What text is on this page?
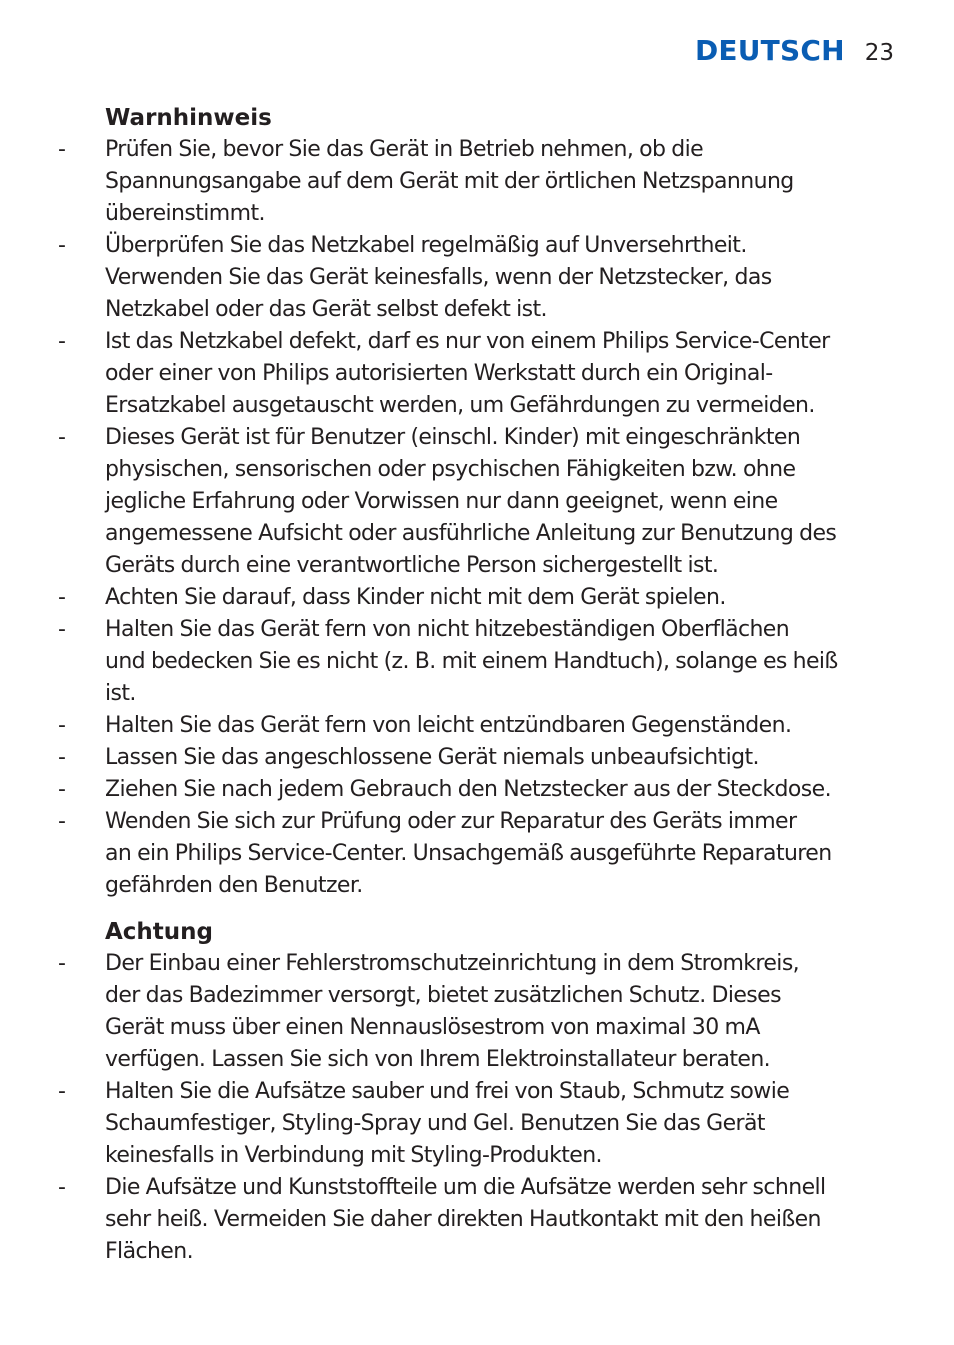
DEUTSCH 23
Warnhinweis
- Prüfen Sie, bevor Sie das Gerät in Betrieb nehmen, ob die
Spannungsangabe auf dem Gerät mit der örtlichen Netzspannung
übereinstimmt.
- Überprüfen Sie das Netzkabel regelmäßig auf Unversehrtheit.
Verwenden Sie das Gerät keinesfalls, wenn der Netzstecker, das
Netzkabel oder das Gerät selbst defekt ist.
- Ist das Netzkabel defekt, darf es nur von einem Philips Service-Center
oder einer von Philips autorisierten Werkstatt durch ein Original-
Ersatzkabel ausgetauscht werden, um Gefährdungen zu vermeiden.
- Dieses Gerät ist für Benutzer (einschl. Kinder) mit eingeschränkten
physischen, sensorischen oder psychischen Fähigkeiten bzw. ohne
jegliche Erfahrung oder Vorwissen nur dann geeignet, wenn eine
angemessene Aufsicht oder ausführliche Anleitung zur Benutzung des
Geräts durch eine verantwortliche Person sichergestellt ist.
- Achten Sie darauf, dass Kinder nicht mit dem Gerät spielen.
- Halten Sie das Gerät fern von nicht hitzebeständigen Oberflächen
und bedecken Sie es nicht (z. B. mit einem Handtuch), solange es heiß
ist.
- Halten Sie das Gerät fern von leicht entzündbaren Gegenständen.
- Lassen Sie das angeschlossene Gerät niemals unbeaufsichtigt.
- Ziehen Sie nach jedem Gebrauch den Netzstecker aus der Steckdose.
- Wenden Sie sich zur Prüfung oder zur Reparatur des Geräts immer
an ein Philips Service-Center. Unsachgemäß ausgeführte Reparaturen
gefährden den Benutzer.
Achtung
- Der Einbau einer Fehlerstromschutzeinrichtung in dem Stromkreis,
der das Badezimmer versorgt, bietet zusätzlichen Schutz. Dieses
Gerät muss über einen Nennauslösestrom von maximal 30 mA
verfügen. Lassen Sie sich von Ihrem Elektroinstallateur beraten.
- Halten Sie die Aufsätze sauber und frei von Staub, Schmutz sowie
Schaumfestiger, Styling-Spray und Gel. Benutzen Sie das Gerät
keinesfalls in Verbindung mit Styling-Produkten.
- Die Aufsätze und Kunststoffteile um die Aufsätze werden sehr schnell
sehr heiß. Vermeiden Sie daher direkten Hautkontakt mit den heißen
Flächen.
